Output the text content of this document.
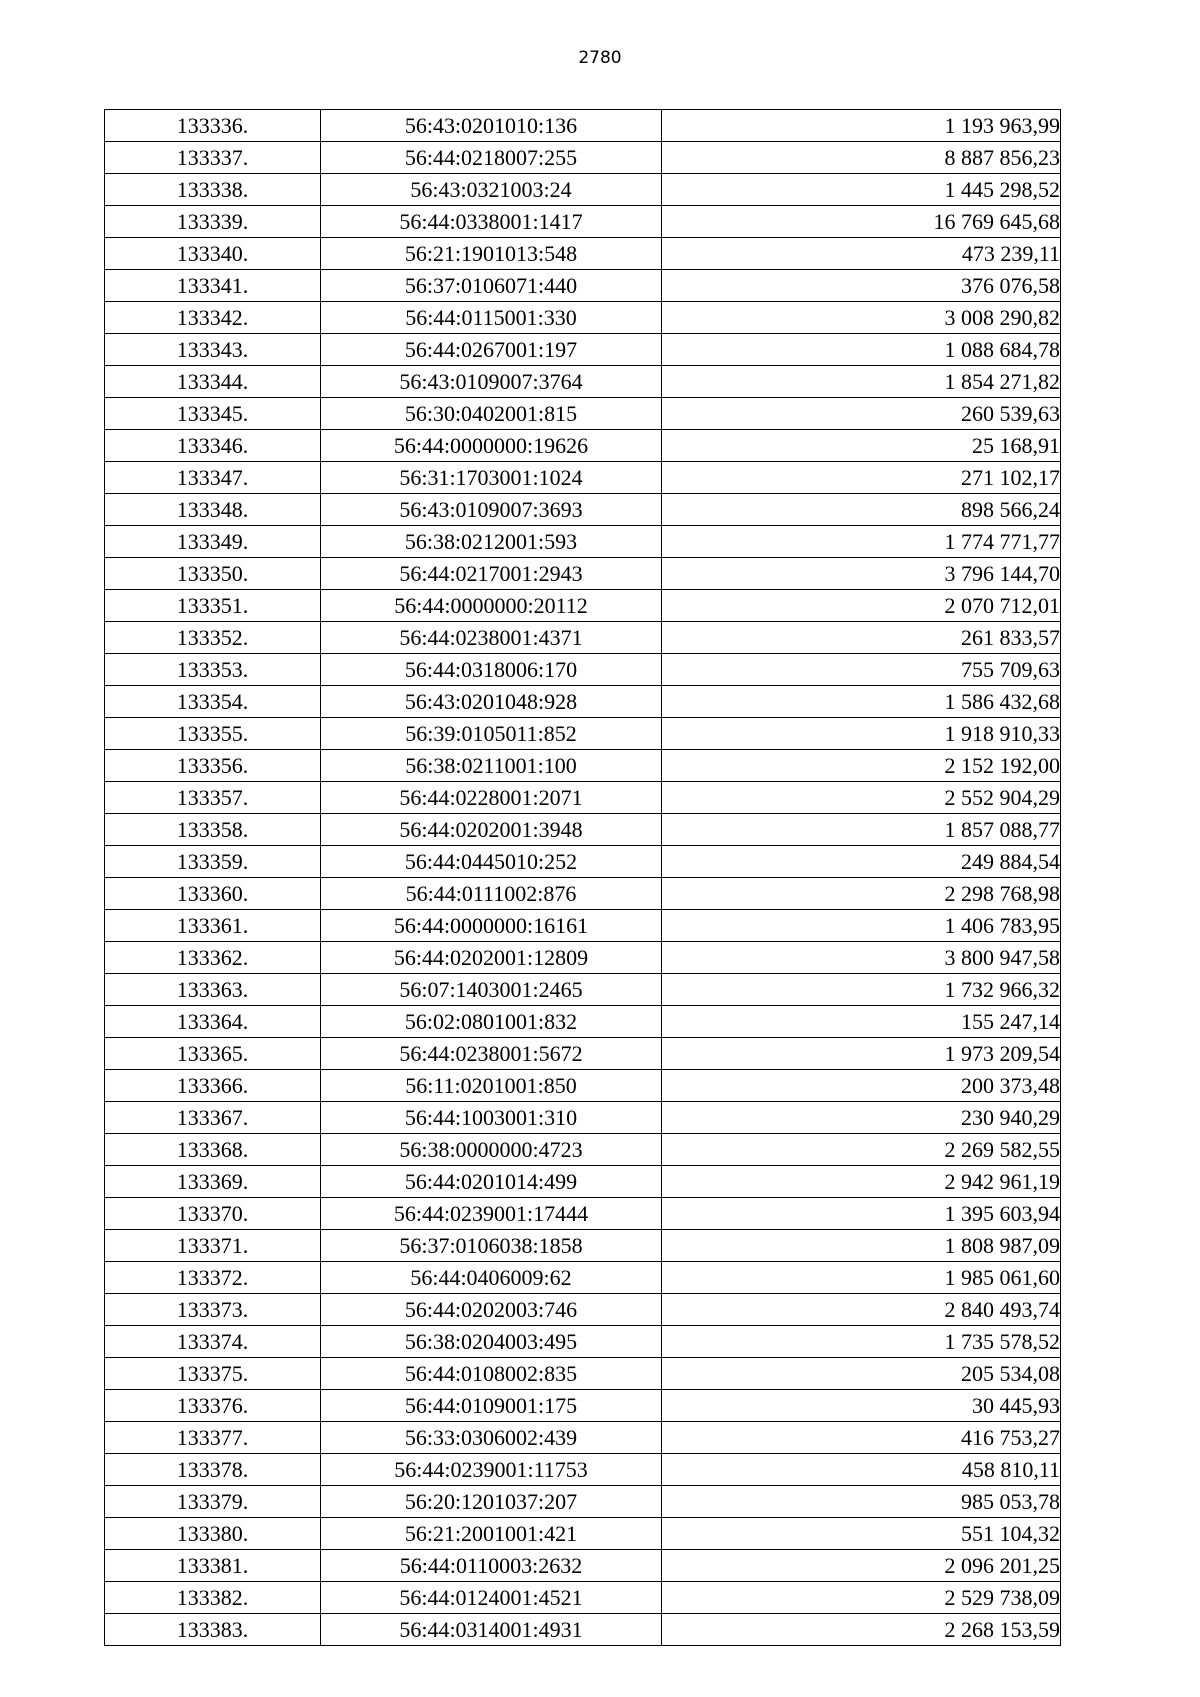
2780
133336.	56:43:0201010:136	1 193 963,99
133337.	56:44:0218007:255	8 887 856,23
133338.	56:43:0321003:24	1 445 298,52
133339.	56:44:0338001:1417	16 769 645,68
133340.	56:21:1901013:548	473 239,11
133341.	56:37:0106071:440	376 076,58
133342.	56:44:0115001:330	3 008 290,82
133343.	56:44:0267001:197	1 088 684,78
133344.	56:43:0109007:3764	1 854 271,82
133345.	56:30:0402001:815	260 539,63
133346.	56:44:0000000:19626	25 168,91
133347.	56:31:1703001:1024	271 102,17
133348.	56:43:0109007:3693	898 566,24
133349.	56:38:0212001:593	1 774 771,77
133350.	56:44:0217001:2943	3 796 144,70
133351.	56:44:0000000:20112	2 070 712,01
133352.	56:44:0238001:4371	261 833,57
133353.	56:44:0318006:170	755 709,63
133354.	56:43:0201048:928	1 586 432,68
133355.	56:39:0105011:852	1 918 910,33
133356.	56:38:0211001:100	2 152 192,00
133357.	56:44:0228001:2071	2 552 904,29
133358.	56:44:0202001:3948	1 857 088,77
133359.	56:44:0445010:252	249 884,54
133360.	56:44:0111002:876	2 298 768,98
133361.	56:44:0000000:16161	1 406 783,95
133362.	56:44:0202001:12809	3 800 947,58
133363.	56:07:1403001:2465	1 732 966,32
133364.	56:02:0801001:832	155 247,14
133365.	56:44:0238001:5672	1 973 209,54
133366.	56:11:0201001:850	200 373,48
133367.	56:44:1003001:310	230 940,29
133368.	56:38:0000000:4723	2 269 582,55
133369.	56:44:0201014:499	2 942 961,19
133370.	56:44:0239001:17444	1 395 603,94
133371.	56:37:0106038:1858	1 808 987,09
133372.	56:44:0406009:62	1 985 061,60
133373.	56:44:0202003:746	2 840 493,74
133374.	56:38:0204003:495	1 735 578,52
133375.	56:44:0108002:835	205 534,08
133376.	56:44:0109001:175	30 445,93
133377.	56:33:0306002:439	416 753,27
133378.	56:44:0239001:11753	458 810,11
133379.	56:20:1201037:207	985 053,78
133380.	56:21:2001001:421	551 104,32
133381.	56:44:0110003:2632	2 096 201,25
133382.	56:44:0124001:4521	2 529 738,09
133383.	56:44:0314001:4931	2 268 153,59
